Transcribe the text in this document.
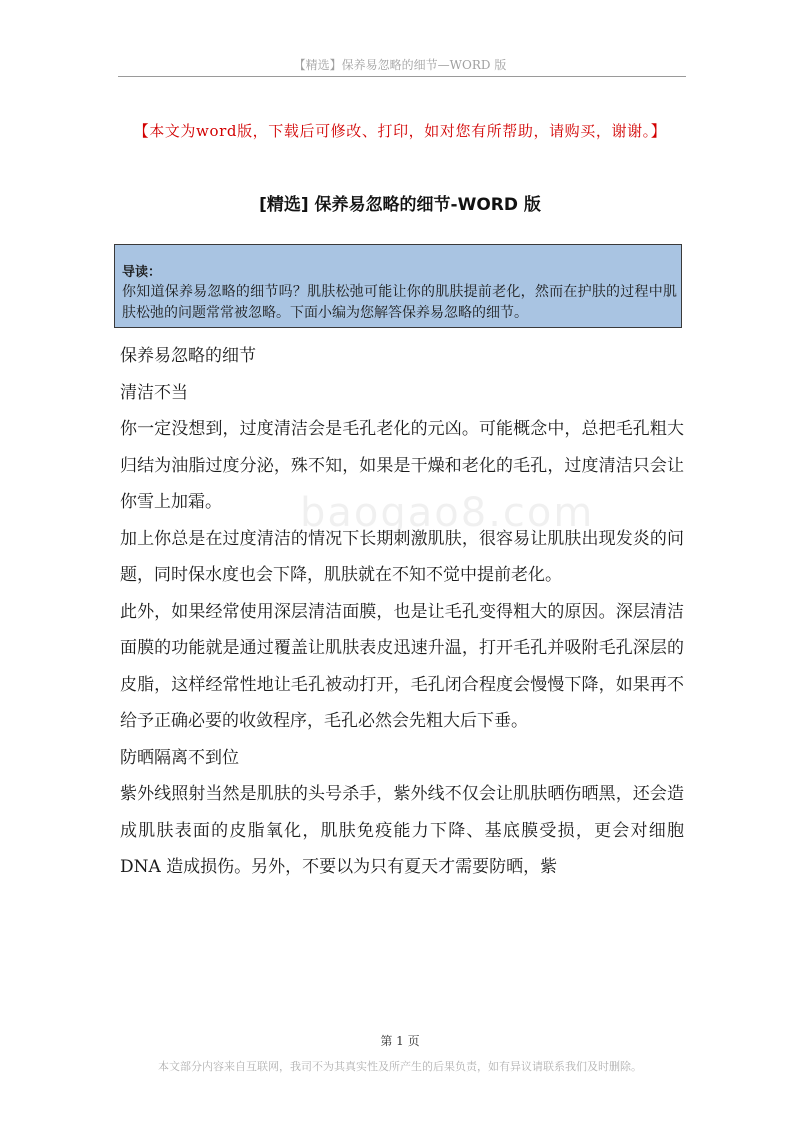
【精选】保养易忽略的细节—WORD 版
【本文为word版，下载后可修改、打印，如对您有所帮助，请购买，谢谢。】
[精选] 保养易忽略的细节-WORD 版
导读：
你知道保养易忽略的细节吗？肌肤松弛可能让你的肌肤提前老化，然而在护肤的过程中肌肤松弛的问题常常被忽略。下面小编为您解答保养易忽略的细节。
baogao8.com

保养易忽略的细节

清洁不当

你一定没想到，过度清洁会是毛孔老化的元凶。可能概念中，总把毛孔粗大归结为油脂过度分泌，殊不知，如果是干燥和老化的毛孔，过度清洁只会让你雪上加霜。

加上你总是在过度清洁的情况下长期刺激肌肤，很容易让肌肤出现发炎的问题，同时保水度也会下降，肌肤就在不知不觉中提前老化。

此外，如果经常使用深层清洁面膜，也是让毛孔变得粗大的原因。深层清洁面膜的功能就是通过覆盖让肌肤表皮迅速升温，打开毛孔并吸附毛孔深层的皮脂，这样经常性地让毛孔被动打开，毛孔闭合程度会慢慢下降，如果再不给予正确必要的收敛程序，毛孔必然会先粗大后下垂。

防晒隔离不到位

紫外线照射当然是肌肤的头号杀手，紫外线不仅会让肌肤晒伤晒黑，还会造成肌肤表面的皮脂氧化，肌肤免疫能力下降、基底膜受损，更会对细胞 DNA 造成损伤。另外，不要以为只有夏天才需要防晒，紫

第 1 页
本文部分内容来自互联网，我司不为其真实性及所产生的后果负责，如有异议请联系我们及时删除。
